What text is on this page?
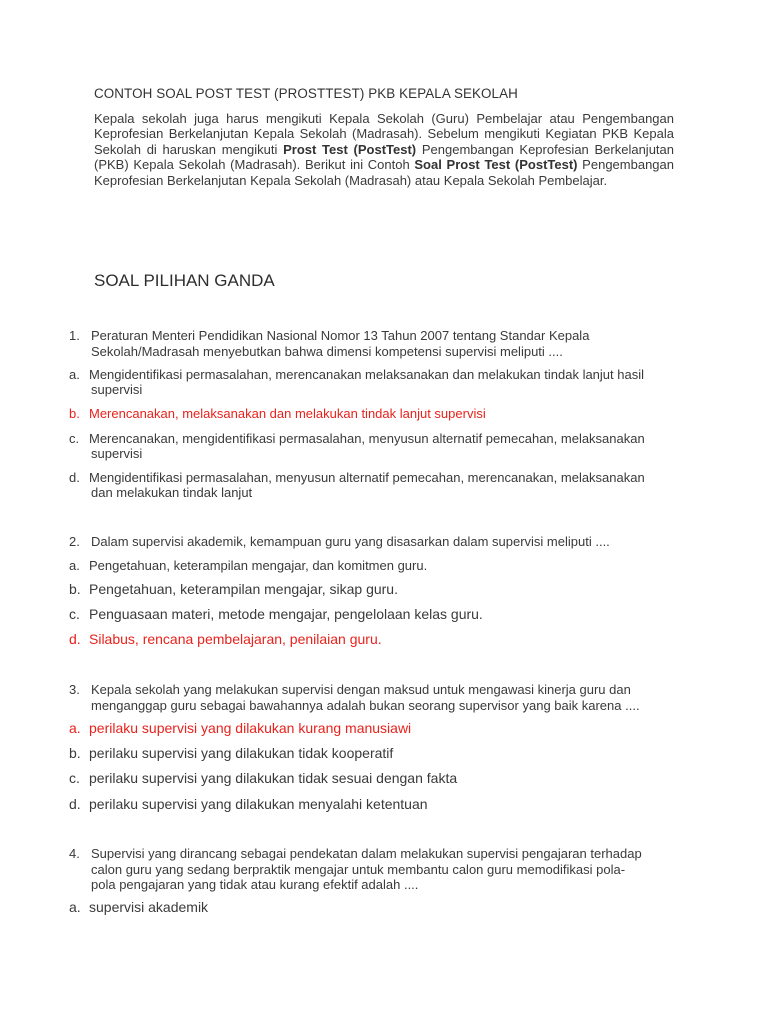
CONTOH SOAL POST TEST (PROSTTEST) PKB KEPALA SEKOLAH
Kepala sekolah juga harus mengikuti Kepala Sekolah (Guru) Pembelajar atau Pengembangan Keprofesian Berkelanjutan Kepala Sekolah (Madrasah). Sebelum mengikuti Kegiatan PKB Kepala Sekolah di haruskan mengikuti Prost Test (PostTest) Pengembangan Keprofesian Berkelanjutan (PKB) Kepala Sekolah (Madrasah). Berikut ini Contoh Soal Prost Test (PostTest) Pengembangan Keprofesian Berkelanjutan Kepala Sekolah (Madrasah) atau Kepala Sekolah Pembelajar.
SOAL PILIHAN GANDA
1. Peraturan Menteri Pendidikan Nasional Nomor 13 Tahun 2007 tentang Standar Kepala
Sekolah/Madrasah menyebutkan bahwa dimensi kompetensi supervisi meliputi ....
a. Mengidentifikasi permasalahan, merencanakan melaksanakan dan melakukan tindak lanjut hasil
supervisi
b. Merencanakan, melaksanakan dan melakukan tindak lanjut supervisi
c. Merencanakan, mengidentifikasi permasalahan, menyusun alternatif pemecahan, melaksanakan
supervisi
d. Mengidentifikasi permasalahan, menyusun alternatif pemecahan, merencanakan, melaksanakan
dan melakukan tindak lanjut
2. Dalam supervisi akademik, kemampuan guru yang disasarkan dalam supervisi meliputi ....
a. Pengetahuan, keterampilan mengajar, dan komitmen guru.
b. Pengetahuan, keterampilan mengajar, sikap guru.
c. Penguasaan materi, metode mengajar, pengelolaan kelas guru.
d. Silabus, rencana pembelajaran, penilaian guru.
3. Kepala sekolah yang melakukan supervisi dengan maksud untuk mengawasi kinerja guru dan
menganggap guru sebagai bawahannya adalah bukan seorang supervisor yang baik karena ....
a. perilaku supervisi yang dilakukan kurang manusiawi
b. perilaku supervisi yang dilakukan tidak kooperatif
c. perilaku supervisi yang dilakukan tidak sesuai dengan fakta
d. perilaku supervisi yang dilakukan menyalahi ketentuan
4. Supervisi yang dirancang sebagai pendekatan dalam melakukan supervisi pengajaran terhadap
calon guru yang sedang berpraktik mengajar untuk membantu calon guru memodifikasi pola-
pola pengajaran yang tidak atau kurang efektif adalah ....
a. supervisi akademik
